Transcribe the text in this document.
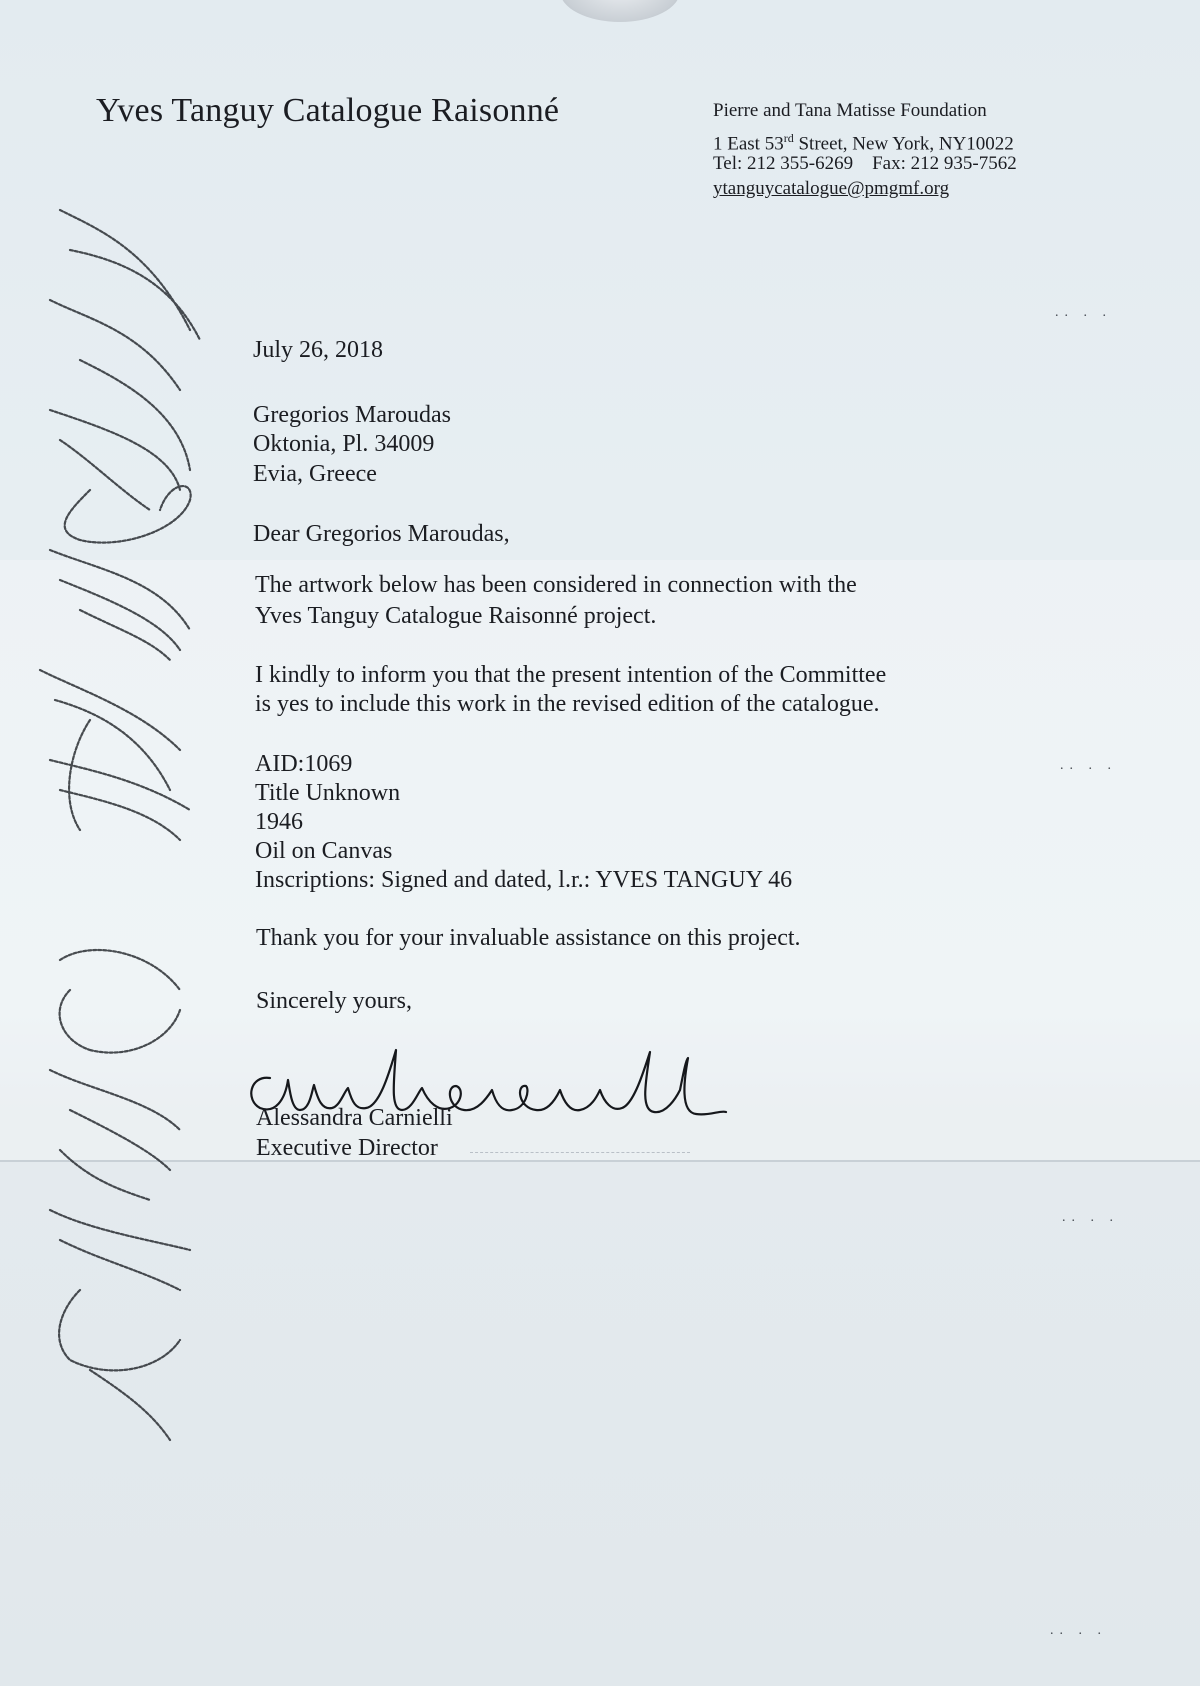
Yves Tanguy Catalogue Raisonné	Pierre and Tana Matisse Foundation
1 East 53rd Street, New York, NY10022
Tel: 212 355-6269 Fax: 212 935-7562
ytanguycatalogue@pmgmf.org
July 26, 2018
Gregorios Maroudas
Oktonia, Pl. 34009
Evia, Greece
Dear Gregorios Maroudas,
The artwork below has been considered in connection with the
Yves Tanguy Catalogue Raisonné project.
I kindly to inform you that the present intention of the Committee
is yes to include this work in the revised edition of the catalogue.
AID:1069
Title Unknown
1946
Oil on Canvas
Inscriptions: Signed and dated, l.r.: YVES TANGUY 46
Thank you for your invaluable assistance on this project.
Sincerely yours,
Alessandra Carnielli
Executive Director
.. . .
.. . .
.. . .
.. . .
